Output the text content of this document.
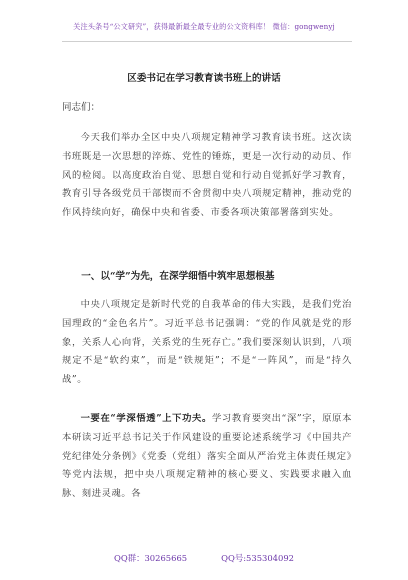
关注头条号“公文研究”，获得最新最全最专业的公文资料库！ 微信：gongwenyj
区委书记在学习教育读书班上的讲话
同志们：

今天我们举办全区中央八项规定精神学习教育读书班。这次读书班既是一次思想的淬炼、党性的锤炼，更是一次行动的动员、作风的检阅。以高度政治自觉、思想自觉和行动自觉抓好学习教育，教育引导各级党员干部锲而不舍贯彻中央八项规定精神，推动党的作风持续向好，确保中央和省委、市委各项决策部署落到实处。

一、以“学”为先，在深学细悟中筑牢思想根基

中央八项规定是新时代党的自我革命的伟大实践，是我们党治国理政的“金色名片”。习近平总书记强调：“党的作风就是党的形象，关系人心向背，关系党的生死存亡。”我们要深刻认识到，八项规定不是“软约束”，而是“铁规矩”；不是“一阵风”，而是“持久战”。

一要在“学深悟透”上下功夫。学习教育要突出“深”字，原原本本研读习近平总书记关于作风建设的重要论述系统学习《中国共产党纪律处分条例》《党委（党组）落实全面从严治党主体责任规定》等党内法规，把中央八项规定精神的核心要义、实践要求融入血脉、刻进灵魂。各

QQ群：30265665	QQ号:535304092
